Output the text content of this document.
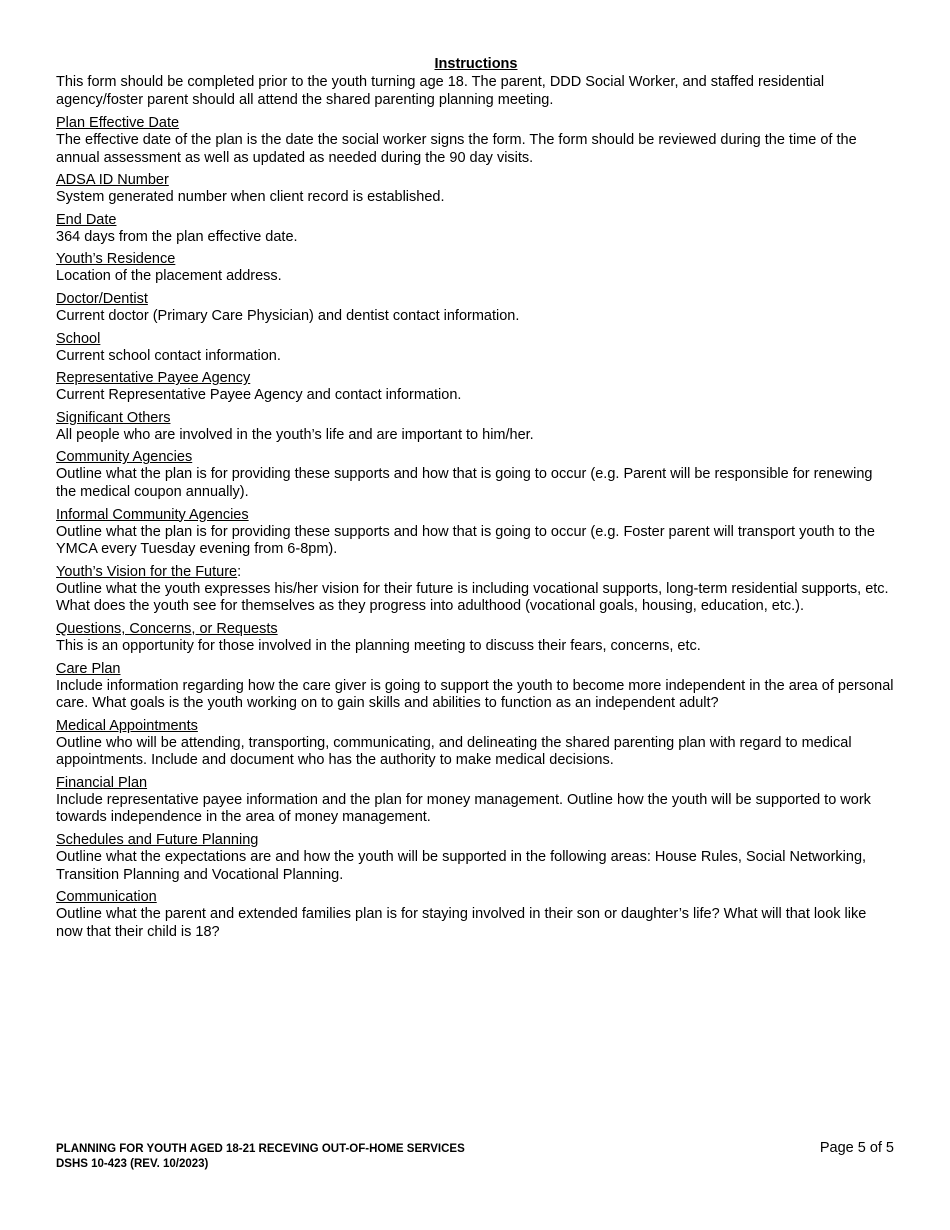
Instructions
This form should be completed prior to the youth turning age 18. The parent, DDD Social Worker, and staffed residential agency/foster parent should all attend the shared parenting planning meeting.
Plan Effective Date
The effective date of the plan is the date the social worker signs the form. The form should be reviewed during the time of the annual assessment as well as updated as needed during the 90 day visits.
ADSA ID Number
System generated number when client record is established.
End Date
364 days from the plan effective date.
Youth’s Residence
Location of the placement address.
Doctor/Dentist
Current doctor (Primary Care Physician) and dentist contact information.
School
Current school contact information.
Representative Payee Agency
Current Representative Payee Agency and contact information.
Significant Others
All people who are involved in the youth’s life and are important to him/her.
Community Agencies
Outline what the plan is for providing these supports and how that is going to occur (e.g. Parent will be responsible for renewing the medical coupon annually).
Informal Community Agencies
Outline what the plan is for providing these supports and how that is going to occur (e.g. Foster parent will transport youth to the YMCA every Tuesday evening from 6-8pm).
Youth’s Vision for the Future:
Outline what the youth expresses his/her vision for their future is including vocational supports, long-term residential supports, etc. What does the youth see for themselves as they progress into adulthood (vocational goals, housing, education, etc.).
Questions, Concerns, or Requests
This is an opportunity for those involved in the planning meeting to discuss their fears, concerns, etc.
Care Plan
Include information regarding how the care giver is going to support the youth to become more independent in the area of personal care. What goals is the youth working on to gain skills and abilities to function as an independent adult?
Medical Appointments
Outline who will be attending, transporting, communicating, and delineating the shared parenting plan with regard to medical appointments. Include and document who has the authority to make medical decisions.
Financial Plan
Include representative payee information and the plan for money management. Outline how the youth will be supported to work towards independence in the area of money management.
Schedules and Future Planning
Outline what the expectations are and how the youth will be supported in the following areas: House Rules, Social Networking, Transition Planning and Vocational Planning.
Communication
Outline what the parent and extended families plan is for staying involved in their son or daughter’s life? What will that look like now that their child is 18?
PLANNING FOR YOUTH AGED 18-21 RECEVING OUT-OF-HOME SERVICES
DSHS 10-423 (REV. 10/2023)
Page 5 of 5
